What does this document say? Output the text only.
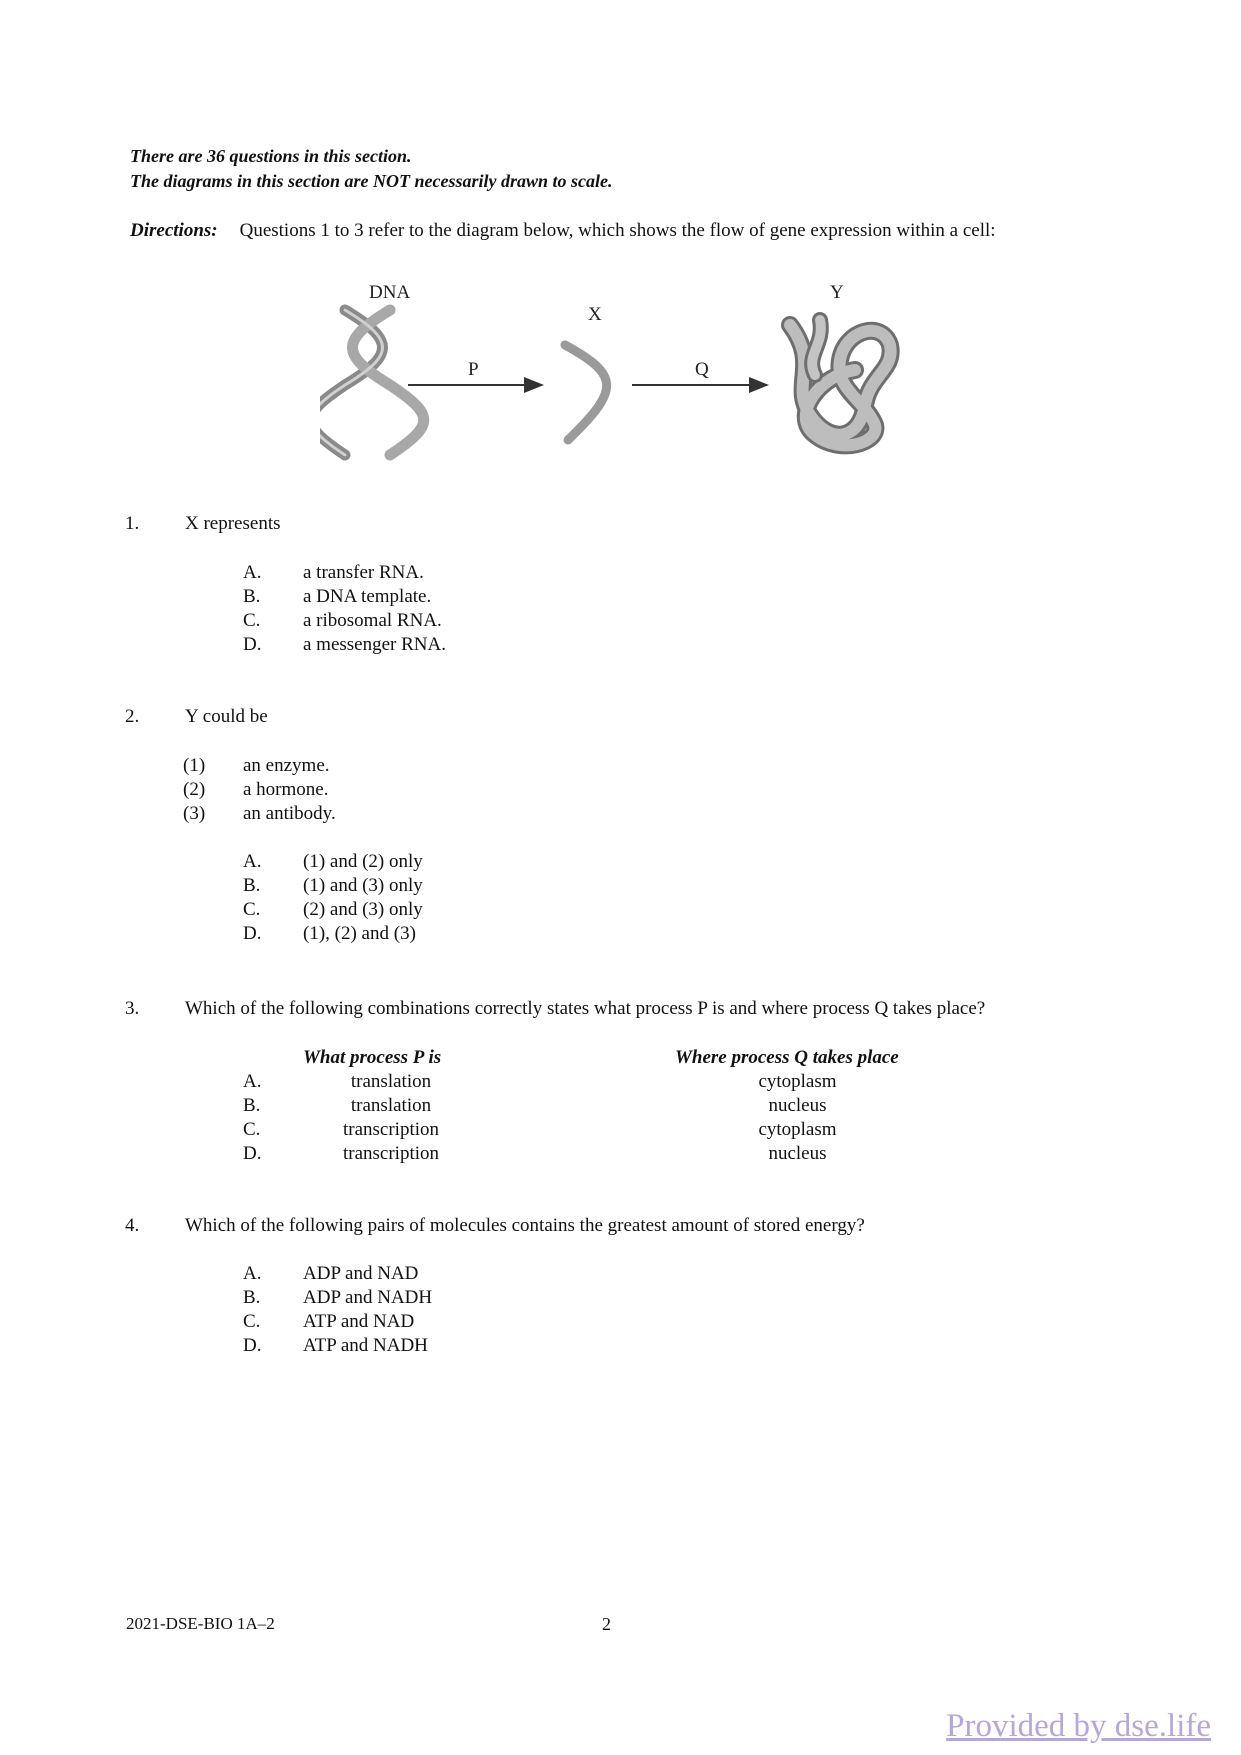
There are 36 questions in this section.
The diagrams in this section are NOT necessarily drawn to scale.
Directions: Questions 1 to 3 refer to the diagram below, which shows the flow of gene expression within a cell:
DNA
P
X
Q
Y
1. X represents
A. a transfer RNA.
B. a DNA template.
C. a ribosomal RNA.
D. a messenger RNA.
2. Y could be
(1) an enzyme.
(2) a hormone.
(3) an antibody.
A. (1) and (2) only
B. (1) and (3) only
C. (2) and (3) only
D. (1), (2) and (3)
3. Which of the following combinations correctly states what process P is and where process Q takes place?
What process P is	Where process Q takes place
A.	translation	cytoplasm
B.	translation	nucleus
C.	transcription	cytoplasm
D.	transcription	nucleus
4. Which of the following pairs of molecules contains the greatest amount of stored energy?
A. ADP and NAD
B. ADP and NADH
C. ATP and NAD
D. ATP and NADH
2021-DSE-BIO 1A–2	2
Provided by dse.life
